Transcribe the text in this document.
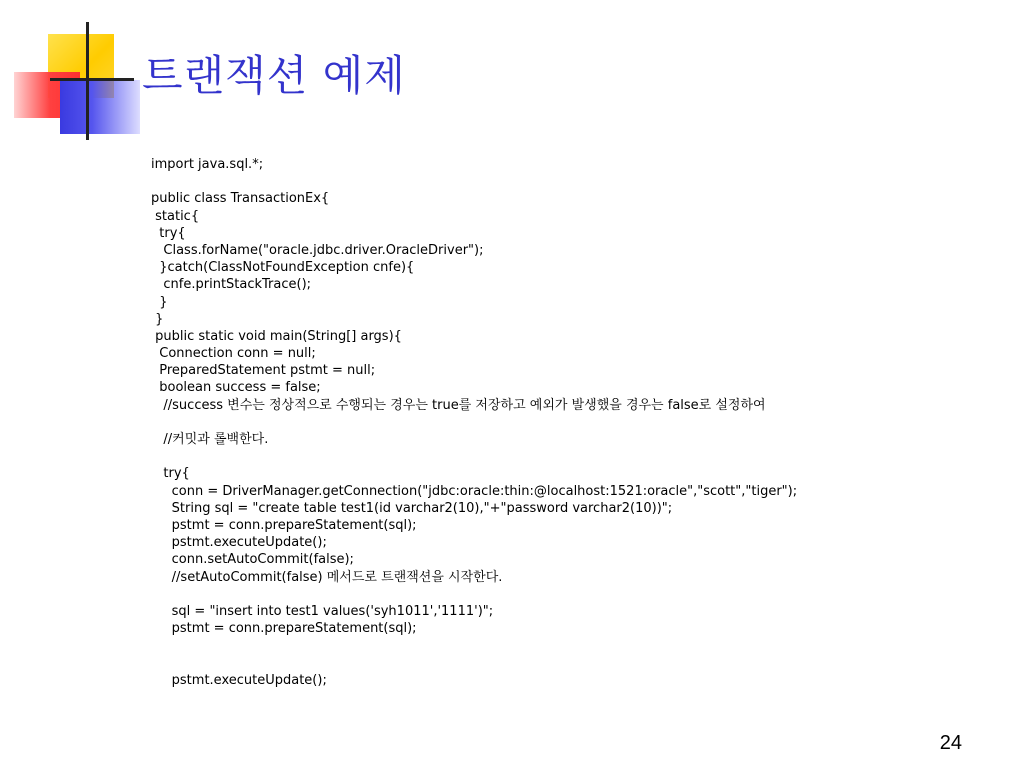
트랜잭션 예제
import java.sql.*;
public class TransactionEx{
static{
try{
Class.forName("oracle.jdbc.driver.OracleDriver");
}catch(ClassNotFoundException cnfe){
cnfe.printStackTrace();
}
}
public static void main(String[] args){
Connection conn = null;
PreparedStatement pstmt = null;
boolean success = false;
//success 변수는 정상적으로 수행되는 경우는 true를 저장하고 예외가 발생했을 경우는 false로 설정하여
//커밋과 롤백한다.
try{
conn = DriverManager.getConnection("jdbc:oracle:thin:@localhost:1521:oracle","scott","tiger");
String sql = "create table test1(id varchar2(10),"+"password varchar2(10))";
pstmt = conn.prepareStatement(sql);
pstmt.executeUpdate();
conn.setAutoCommit(false);
//setAutoCommit(false) 메서드로 트랜잭션을 시작한다.
sql = "insert into test1 values('syh1011','1111')";
pstmt = conn.prepareStatement(sql);
pstmt.executeUpdate();
24
